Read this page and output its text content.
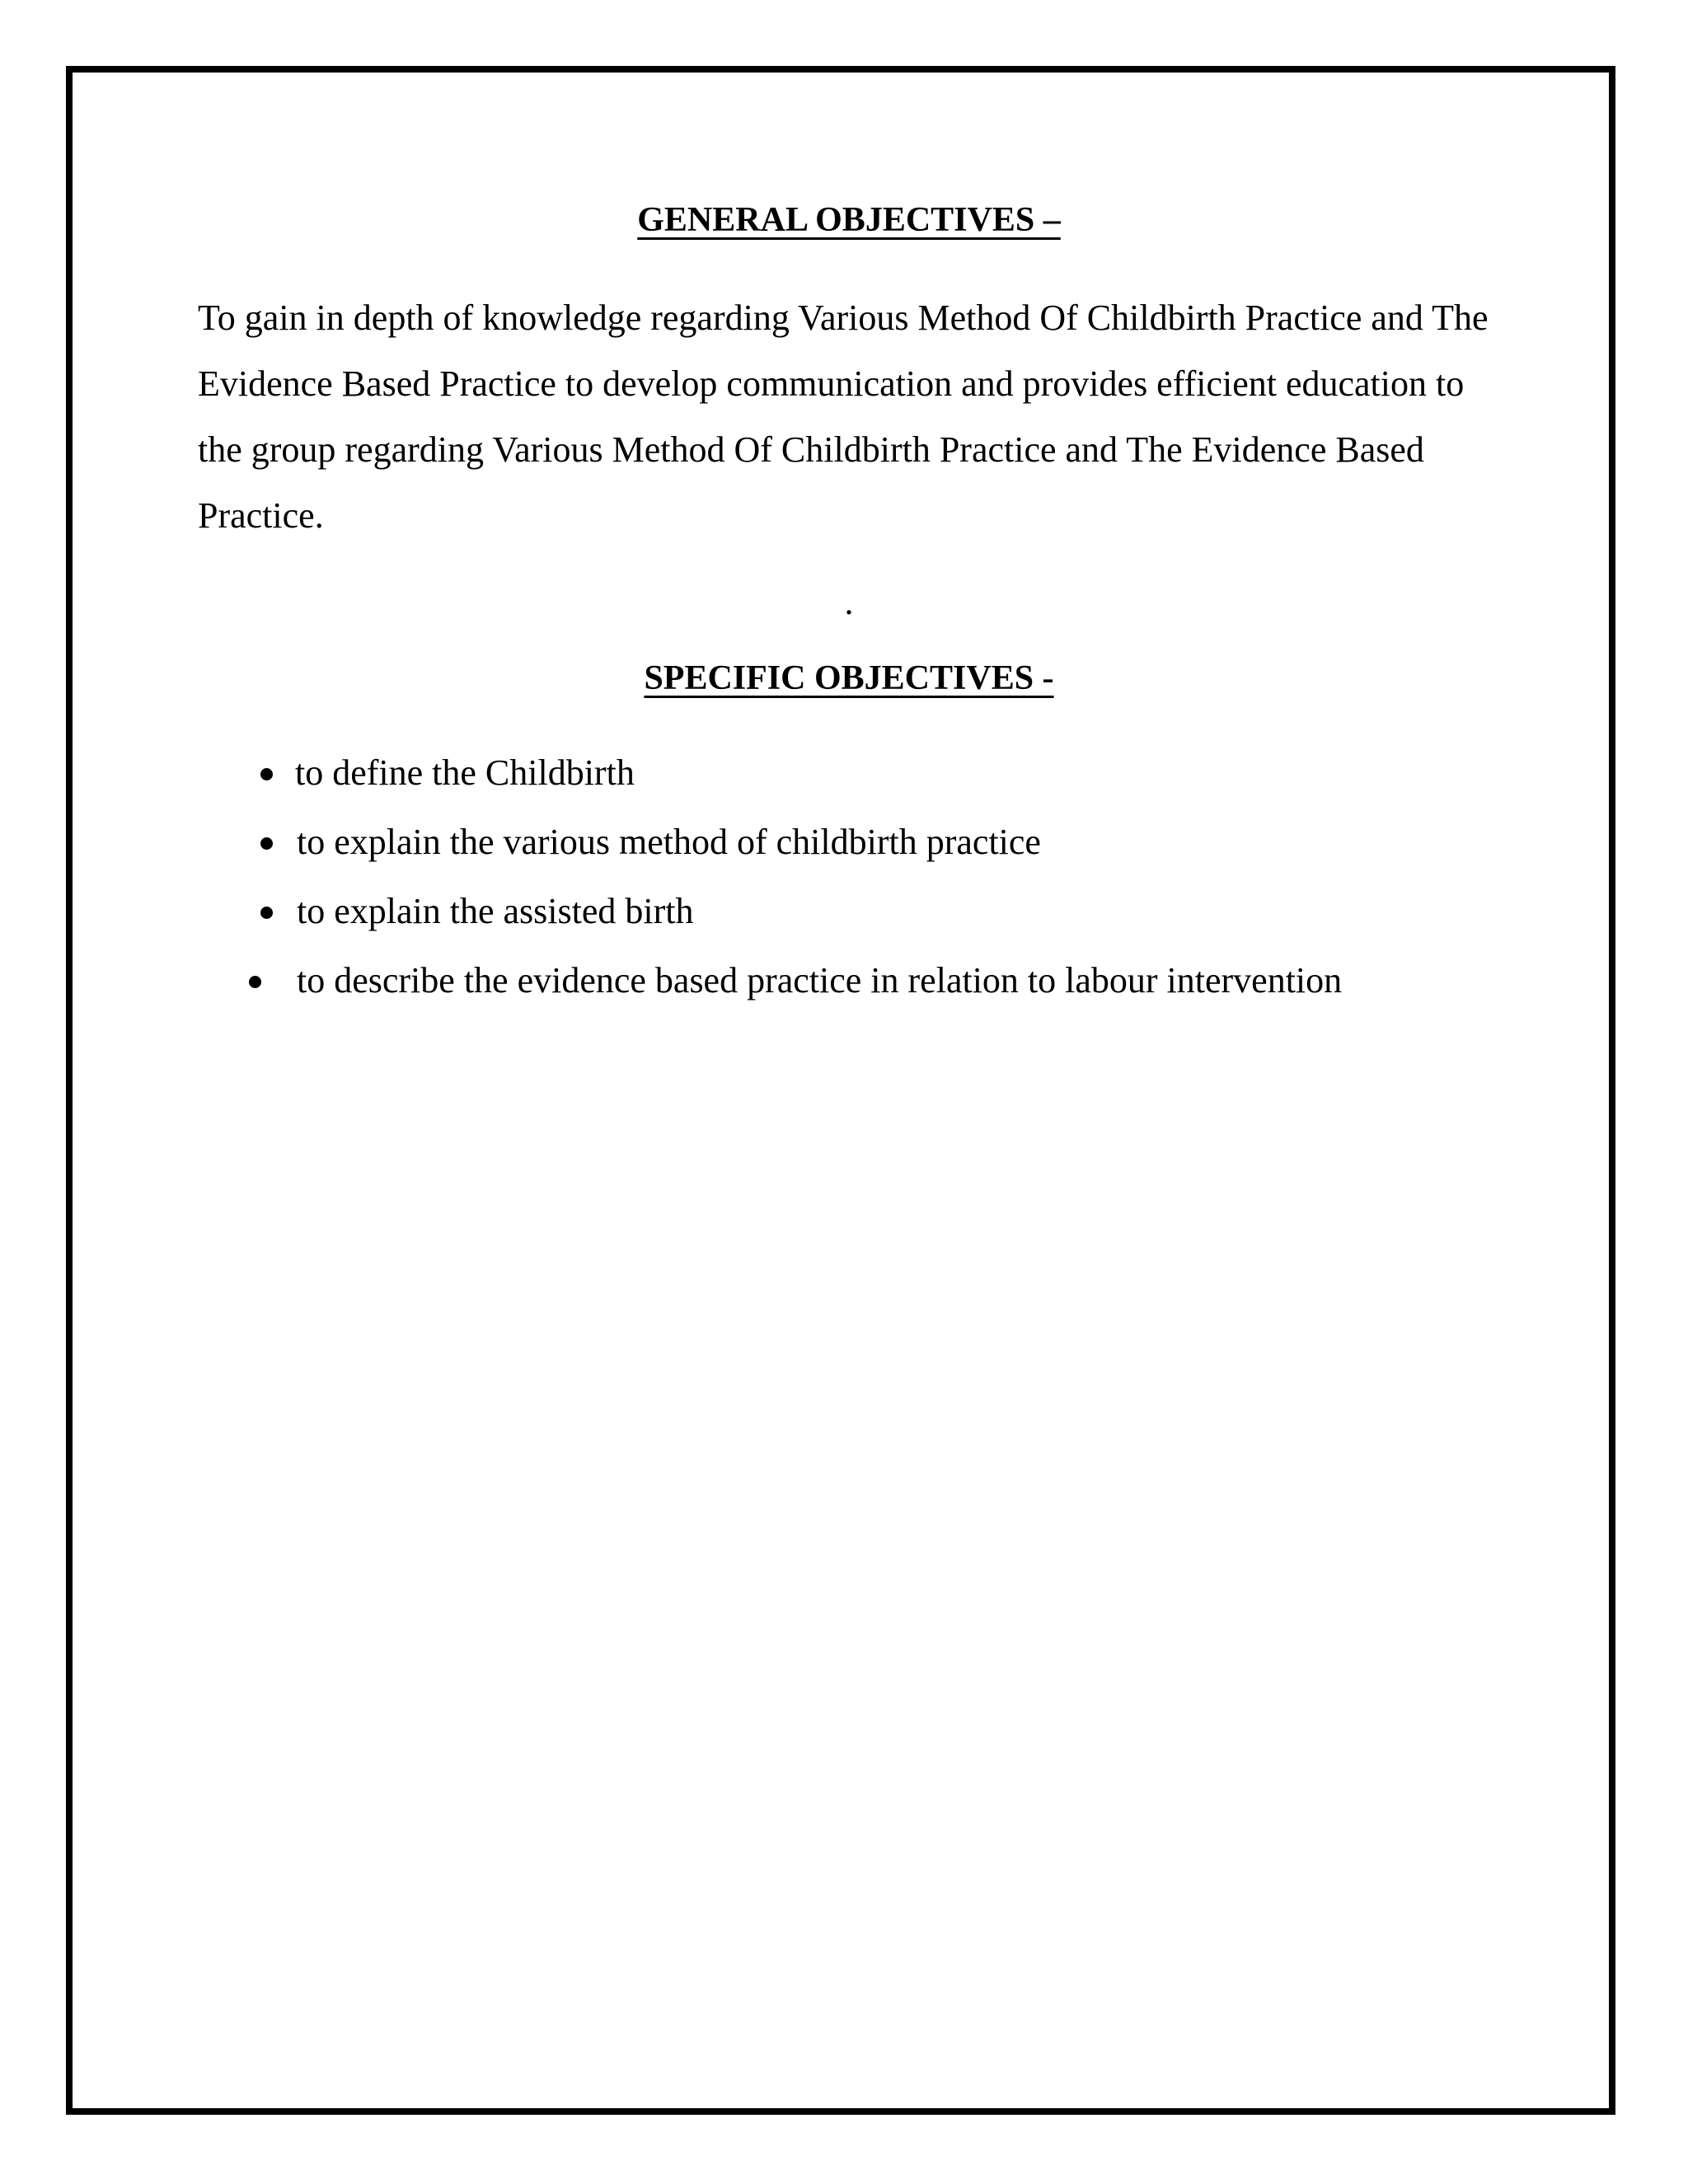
GENERAL OBJECTIVES –

To gain in depth of knowledge regarding Various Method Of Childbirth Practice and The Evidence Based Practice to develop communication and provides efficient education to the group regarding Various Method Of Childbirth Practice and The Evidence Based Practice.

.
SPECIFIC OBJECTIVES -
to define the Childbirth
to explain the various method of childbirth practice
to explain the assisted birth
to describe the evidence based practice in relation to labour intervention
